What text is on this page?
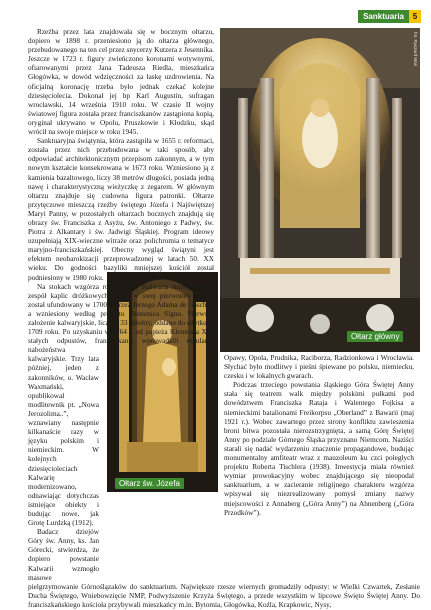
Sanktuaria	5
fot. Ryszard Woś
Ołtarz główny
Ołtarz św. Józefa

Rzeźba przez lata znajdowała się w bocznym ołtarzu, dopiero w 1898 r. przeniesiono ją do ołtarza głównego, przebudowanego na ten cel przez snycerzy Kutzera z Jesennika. Jeszcze w 1723 r. figury zwieńczono koronami wotywnymi, ofiarowanymi przez Jana Tadeusza Riedla, mieszkańca Głogówka, w dowód wdzięczności za łaskę uzdrowienia. Na oficjalną koronację trzeba było jednak czekać kolejne dziesięciolecia. Dokonał jej bp Karl Augustin, sufragan wrocławski, 14 września 1910 roku. W czasie II wojny światowej figura została przez franciszkanów zastąpiona kopią, oryginał ukrywano w Opolu, Pruszkowie i Kłodzku, skąd wrócił na swoje miejsce w roku 1945.

Sanktuaryjna świątynia, która zastąpiła w 1655 r. reformaci, została przez nich przebudowana w taki sposób, aby odpowiadać architektonicznym przepisom zakonnym, a w tym nowym kształcie konsekrowana w 1673 roku. Wzniesiono ją z kamienia bazaltowego, liczy 38 metrów długości, posiada jedną nawę i charakterystyczną wieżyczkę z zegarem. W głównym ołtarzu znajduje się cudowna figura patronki. Ołtarze przytęczowe mieszczą rzeźby świętego Józefa i Najświętszej Maryi Panny, w pozostałych ołtarzach bocznych znajdują się obrazy św. Franciszka z Asyżu, św. Antoniego z Padwy, św. Piotra z Alkantary i św. Jadwigi Śląskiej. Program ideowy uzupełniają XIX-wieczne witraże oraz polichromia o tematyce maryjno-franciszkańskiej. Obecny wygląd świątyni jest efektem neobarokizacji przeprowadzonej w latach 50. XX wieku. Do godności bazyliki mniejszej kościół został podniesiony w 1980 roku.

Na stokach wzgórza rozciąga się Kalwaria Annogórska – zespół kaplic dróżkowych, który w swej pierwotnej formie został ufundowany w 1700 r. przez Jerzego Adama de Gaschin, a wzniesiony według projektu Domenica Signo. Pierwsze założenie kalwaryjskie, liczące 33 obiekty, oddano do użytku w 1709 roku. Po uzyskaniu w 1764 r. od papieża Klemensa XIII stałych odpustów, franciszkanie wprowadzili regularne nabożeństwa kalwaryjskie. Trzy lata później, jeden z zakonników, o. Wacław Waxmański, opublikował modlitewnik pt. „Nowa Jerozolima..”, wznawiany następnie kilkanaście razy w języku polskim i niemieckim. W kolejnych dziesięcioleciach Kalwarię modernizowano, odnawiając dotychczas istniejące obiekty i budując nowe, jak Grotę Lurdzką (1912).

Badacz dziejów Góry św. Anny, ks. Jan Górecki, stwierdza, że dopiero powstanie Kalwarii wzmogło masowe pielgrzymowanie Górnoślązaków do sanktuarium. Największe rzesze wiernych gromadziły odpusty: w Wielki Czwartek, Zesłanie Ducha Świętego, Wniebowzięcie NMP, Podwyższenie Krzyża Świętego, a przede wszystkim w lipcowe Święto Świętej Anny. Do franciszkańskiego kościoła przybywali mieszkańcy m.in. Bytomia, Głogówka, Koźla, Krapkowic, Nysy,

Opawy, Opola, Prudnika, Raciborza, Radzionkowa i Wrocławia. Słychać było modlitwy i pieśni śpiewane po polsku, niemiecku, czesku i w lokalnych gwarach.

Podczas trzeciego powstania śląskiego Góra Świętej Anny stała się teatrem walk między polskimi pułkami pod dowództwem Franciszka Rataja i Walentego Fojkisa a niemieckimi batalionami Freikorpsu „Oberland” z Bawarii (maj 1921 r.). Wobec zawartego przez strony konfliktu zawieszenia broni bitwa pozostała nierozstrzygnięta, a samą Górę Świętej Anny po podziale Górnego Śląska przyznano Niemcom. Naziści starali się nadać wydarzeniu znaczenie propagandowe, budując monumentalny amfiteatr wraz z mauzoleum ku czci poległych projektu Roberta Tischlera (1938). Inwestycja miała również wymiar prowokacyjny wobec znajdującego się nieopodal sanktuarium, a w zacieranie religijnego charakteru wzgórza wpisywał się niezrealizowany pomysł zmiany nazwy miejscowości z Annaberg („Góra Anny”) na Ahnenberg („Góra Przodków”).
